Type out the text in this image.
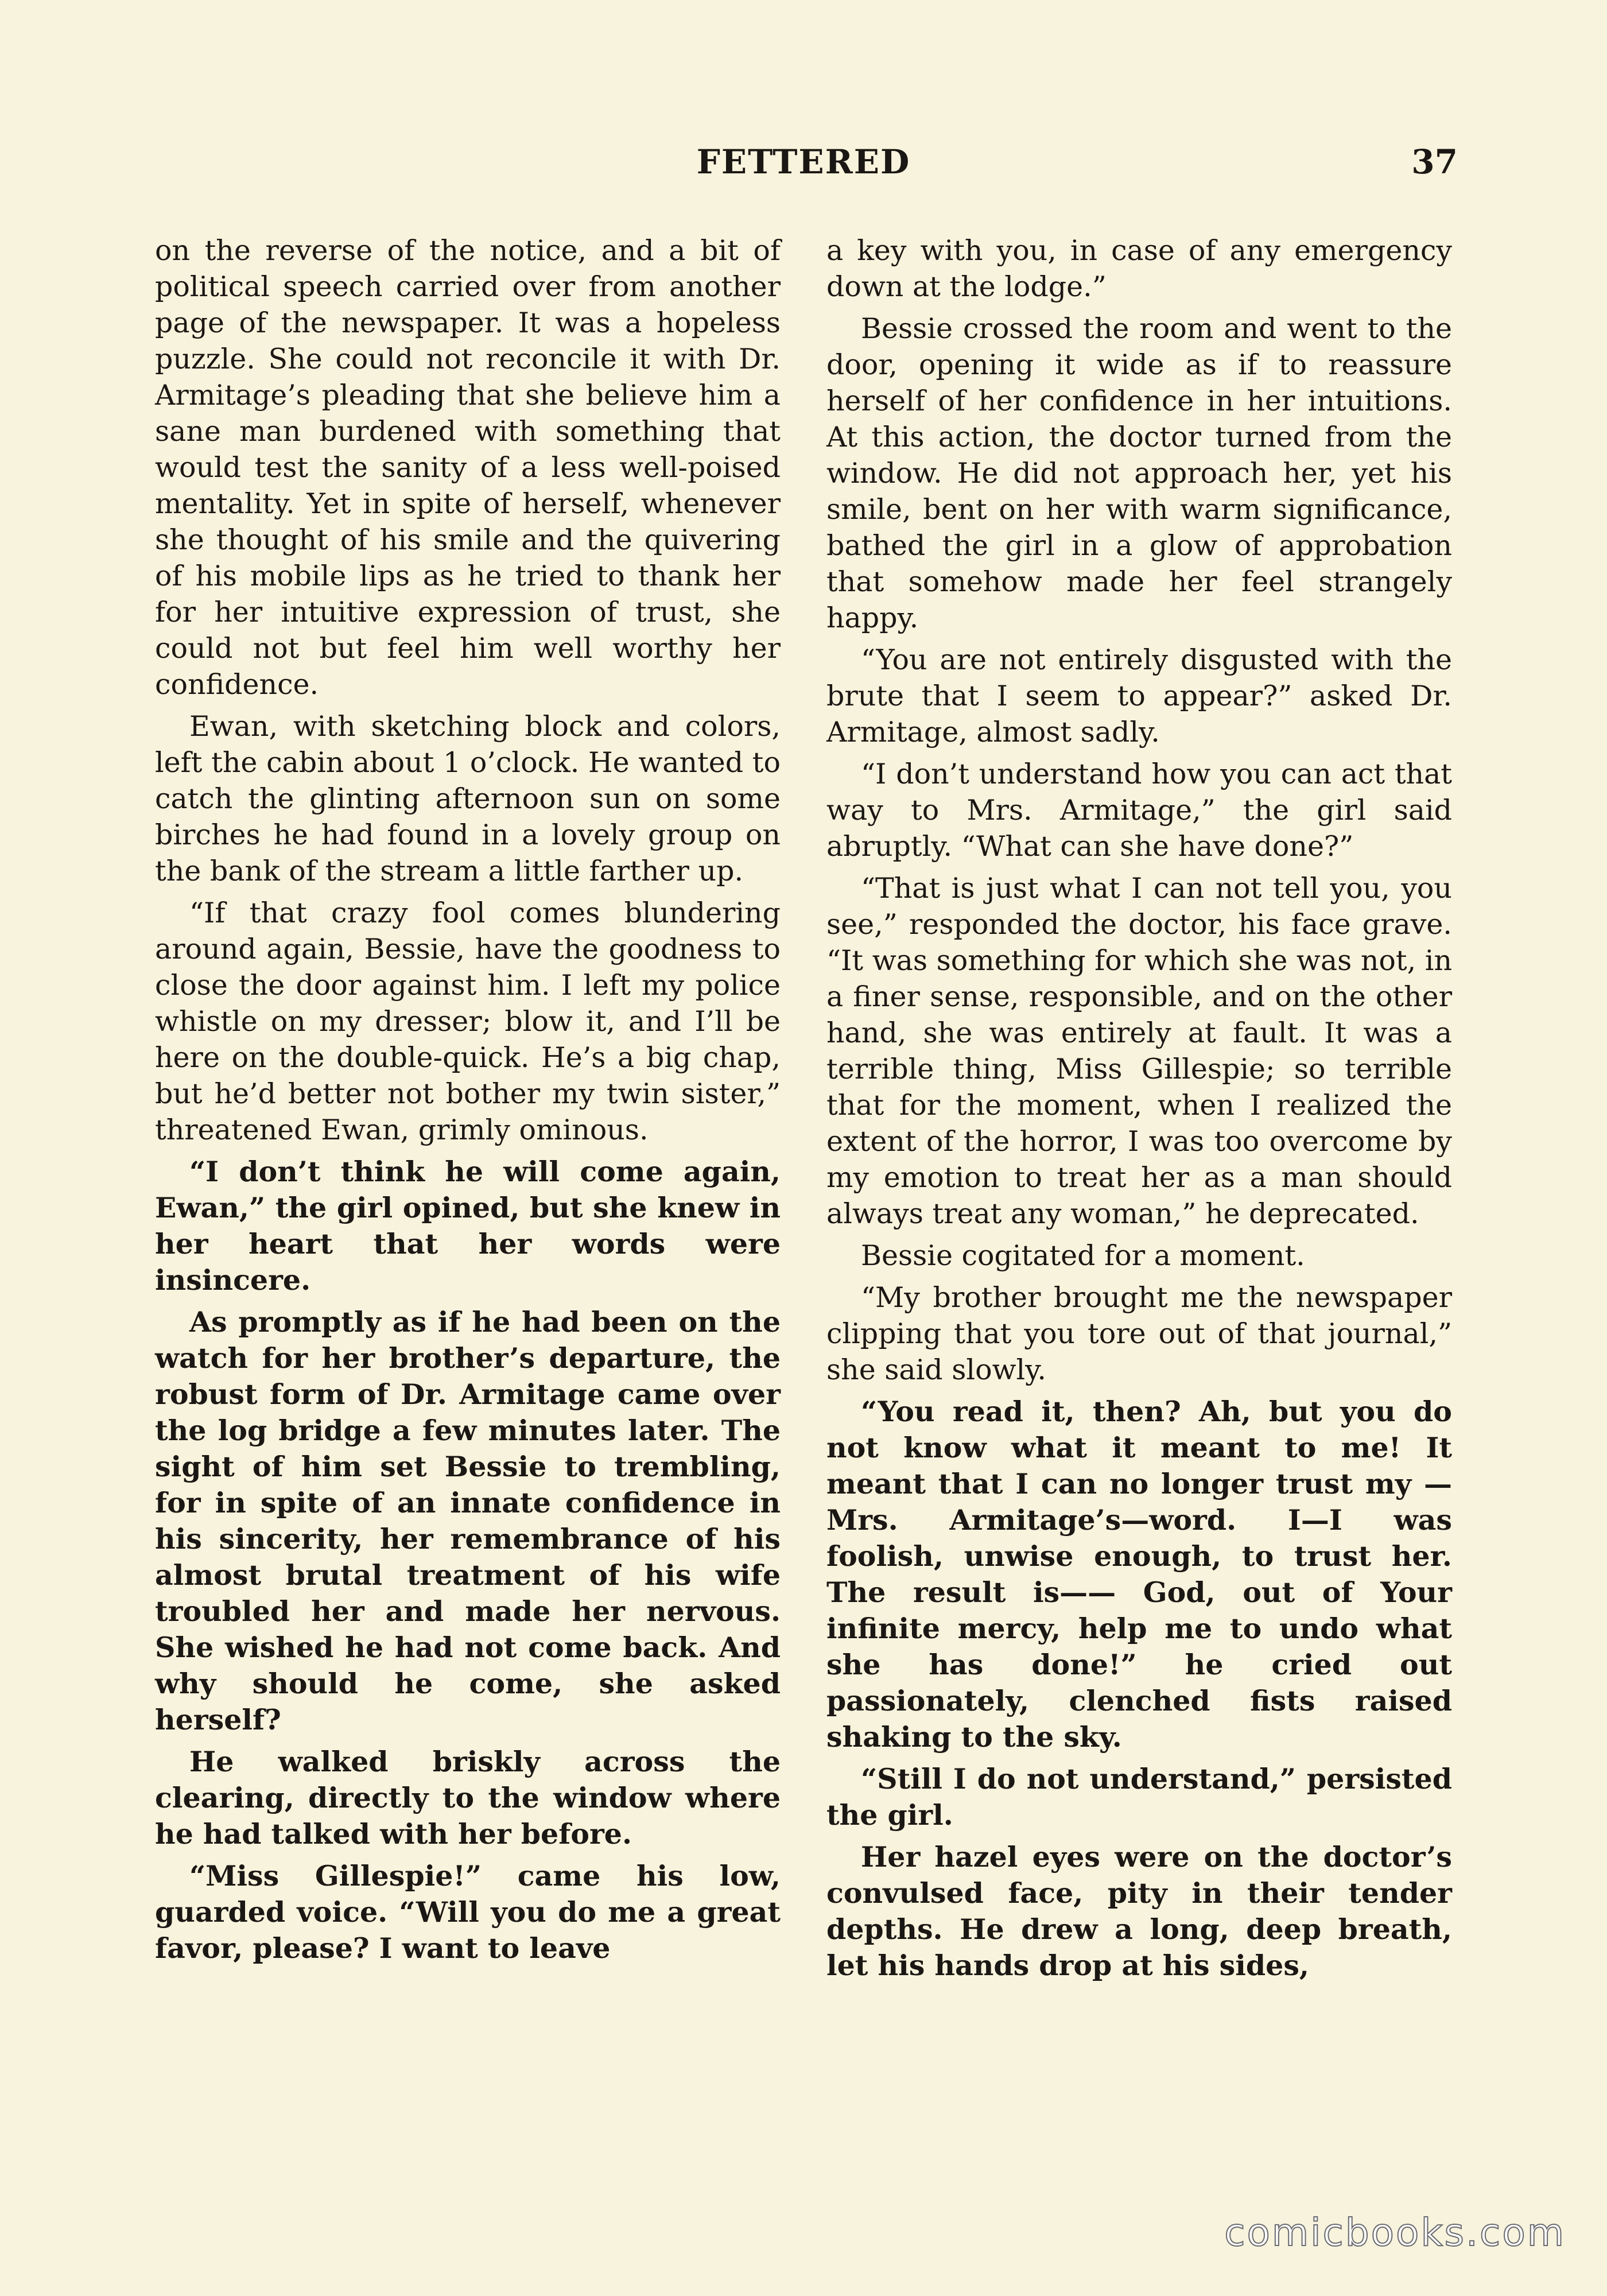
FETTERED	37

on the reverse of the notice, and a bit of political speech carried over from another page of the newspaper. It was a hopeless puzzle. She could not reconcile it with Dr. Armitage’s pleading that she believe him a sane man burdened with something that would test the sanity of a less well-poised mentality. Yet in spite of herself, whenever she thought of his smile and the quivering of his mobile lips as he tried to thank her for her intuitive expression of trust, she could not but feel him well worthy her confidence.

Ewan, with sketching block and colors, left the cabin about 1 o’clock. He wanted to catch the glinting afternoon sun on some birches he had found in a lovely group on the bank of the stream a little farther up.

“If that crazy fool comes blundering around again, Bessie, have the goodness to close the door against him. I left my police whistle on my dresser; blow it, and I’ll be here on the double-quick. He’s a big chap, but he’d better not bother my twin sister,” threatened Ewan, grimly ominous.

“I don’t think he will come again, Ewan,” the girl opined, but she knew in her heart that her words were insincere.

As promptly as if he had been on the watch for her brother’s departure, the robust form of Dr. Armitage came over the log bridge a few minutes later. The sight of him set Bessie to trembling, for in spite of an innate confidence in his sincerity, her remembrance of his almost brutal treatment of his wife troubled her and made her nervous. She wished he had not come back. And why should he come, she asked herself?

He walked briskly across the clearing, directly to the window where he had talked with her before.

“Miss Gillespie!” came his low, guarded voice. “Will you do me a great favor, please? I want to leave

a key with you, in case of any emergency down at the lodge.”

Bessie crossed the room and went to the door, opening it wide as if to reassure herself of her confidence in her intuitions. At this action, the doctor turned from the window. He did not approach her, yet his smile, bent on her with warm significance, bathed the girl in a glow of approbation that somehow made her feel strangely happy.

“You are not entirely disgusted with the brute that I seem to appear?” asked Dr. Armitage, almost sadly.

“I don’t understand how you can act that way to Mrs. Armitage,” the girl said abruptly. “What can she have done?”

“That is just what I can not tell you, you see,” responded the doctor, his face grave. “It was something for which she was not, in a finer sense, responsible, and on the other hand, she was entirely at fault. It was a terrible thing, Miss Gillespie; so terrible that for the moment, when I realized the extent of the horror, I was too overcome by my emotion to treat her as a man should always treat any woman,” he deprecated.

Bessie cogitated for a moment.

“My brother brought me the newspaper clipping that you tore out of that journal,” she said slowly.

“You read it, then? Ah, but you do not know what it meant to me! It meant that I can no longer trust my —Mrs. Armitage’s—word. I—I was foolish, unwise enough, to trust her. The result is—— God, out of Your infinite mercy, help me to undo what she has done!” he cried out passionately, clenched fists raised shaking to the sky.

“Still I do not understand,” persisted the girl.

Her hazel eyes were on the doctor’s convulsed face, pity in their tender depths. He drew a long, deep breath, let his hands drop at his sides,

comicbooks.com
